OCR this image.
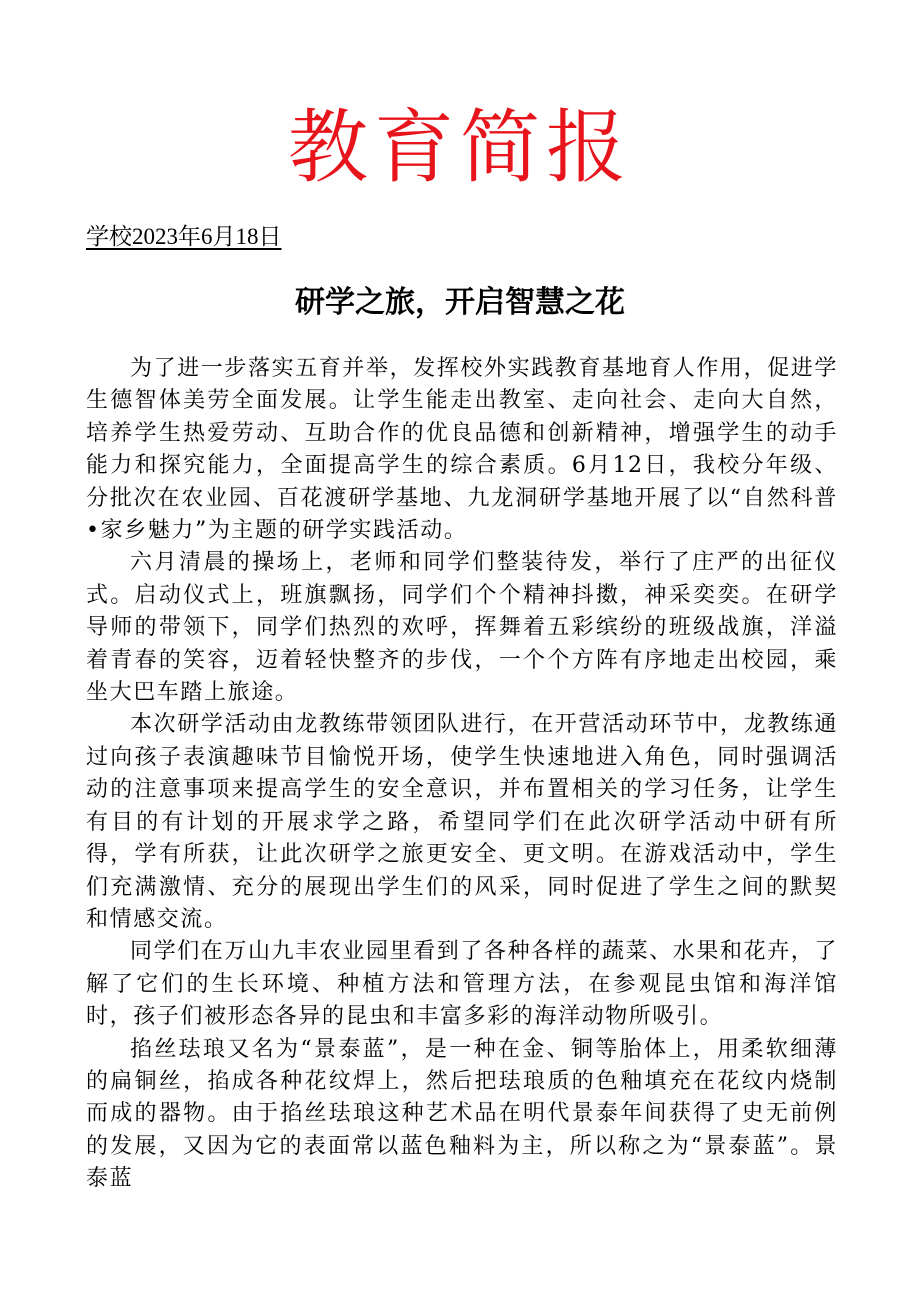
教育简报
学校2023年6月18日
研学之旅，开启智慧之花

为了进一步落实五育并举，发挥校外实践教育基地育人作用，促进学生德智体美劳全面发展。让学生能走出教室、走向社会、走向大自然，培养学生热爱劳动、互助合作的优良品德和创新精神，增强学生的动手能力和探究能力，全面提高学生的综合素质。6月12日，我校分年级、分批次在农业园、百花渡研学基地、九龙洞研学基地开展了以“自然科普•家乡魅力”为主题的研学实践活动。

六月清晨的操场上，老师和同学们整装待发，举行了庄严的出征仪式。启动仪式上，班旗飘扬，同学们个个精神抖擞，神采奕奕。在研学导师的带领下，同学们热烈的欢呼，挥舞着五彩缤纷的班级战旗，洋溢着青春的笑容，迈着轻快整齐的步伐，一个个方阵有序地走出校园，乘坐大巴车踏上旅途。

本次研学活动由龙教练带领团队进行，在开营活动环节中，龙教练通过向孩子表演趣味节目愉悦开场，使学生快速地进入角色，同时强调活动的注意事项来提高学生的安全意识，并布置相关的学习任务，让学生有目的有计划的开展求学之路，希望同学们在此次研学活动中研有所得，学有所获，让此次研学之旅更安全、更文明。在游戏活动中，学生们充满激情、充分的展现出学生们的风采，同时促进了学生之间的默契和情感交流。

同学们在万山九丰农业园里看到了各种各样的蔬菜、水果和花卉，了解了它们的生长环境、种植方法和管理方法，在参观昆虫馆和海洋馆时，孩子们被形态各异的昆虫和丰富多彩的海洋动物所吸引。

掐丝珐琅又名为“景泰蓝”，是一种在金、铜等胎体上，用柔软细薄的扁铜丝，掐成各种花纹焊上，然后把珐琅质的色釉填充在花纹内烧制而成的器物。由于掐丝珐琅这种艺术品在明代景泰年间获得了史无前例的发展，又因为它的表面常以蓝色釉料为主，所以称之为“景泰蓝”。景泰蓝
